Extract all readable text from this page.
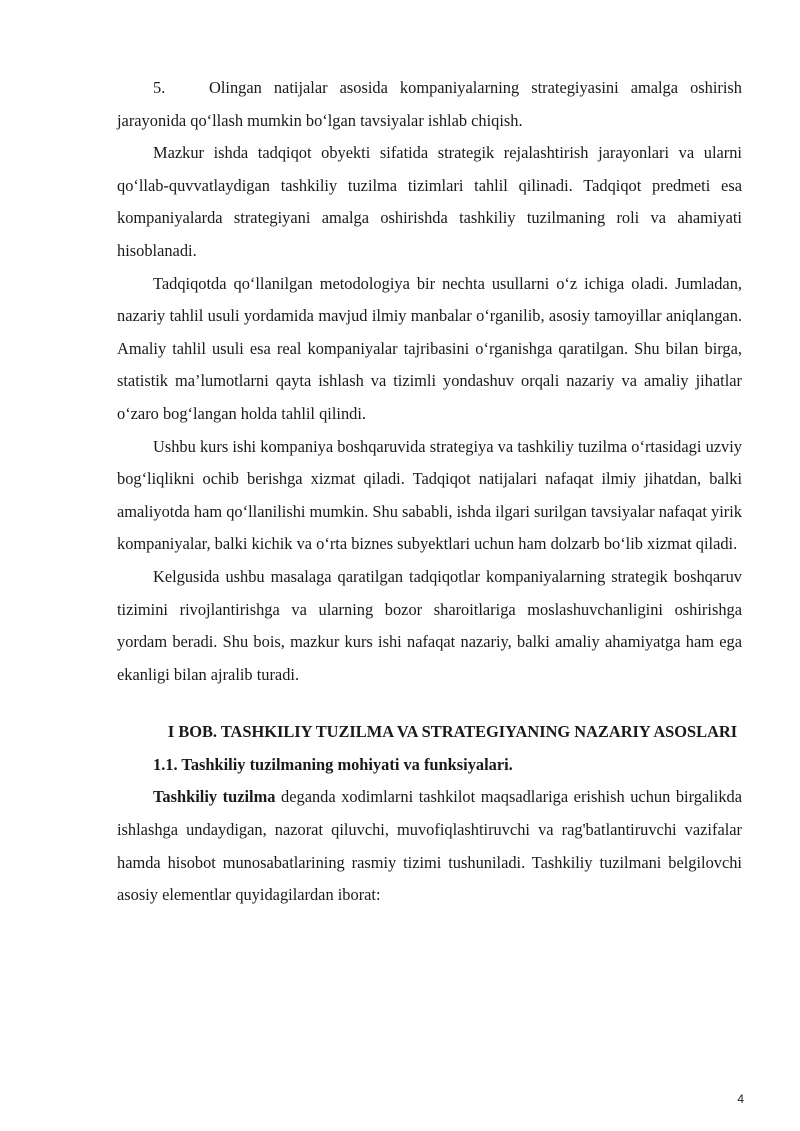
5.	Olingan natijalar asosida kompaniyalarning strategiyasini amalga oshirish jarayonida qo‘llash mumkin bo‘lgan tavsiyalar ishlab chiqish.

Mazkur ishda tadqiqot obyekti sifatida strategik rejalashtirish jarayonlari va ularni qo‘llab-quvvatlaydigan tashkiliy tuzilma tizimlari tahlil qilinadi. Tadqiqot predmeti esa kompaniyalarda strategiyani amalga oshirishda tashkiliy tuzilmaning roli va ahamiyati hisoblanadi.

Tadqiqotda qo‘llanilgan metodologiya bir nechta usullarni o‘z ichiga oladi. Jumladan, nazariy tahlil usuli yordamida mavjud ilmiy manbalar o‘rganilib, asosiy tamoyillar aniqlangan. Amaliy tahlil usuli esa real kompaniyalar tajribasini o‘rganishga qaratilgan. Shu bilan birga, statistik ma’lumotlarni qayta ishlash va tizimli yondashuv orqali nazariy va amaliy jihatlar o‘zaro bog‘langan holda tahlil qilindi.

Ushbu kurs ishi kompaniya boshqaruvida strategiya va tashkiliy tuzilma o‘rtasidagi uzviy bog‘liqlikni ochib berishga xizmat qiladi. Tadqiqot natijalari nafaqat ilmiy jihatdan, balki amaliyotda ham qo‘llanilishi mumkin. Shu sababli, ishda ilgari surilgan tavsiyalar nafaqat yirik kompaniyalar, balki kichik va o‘rta biznes subyektlari uchun ham dolzarb bo‘lib xizmat qiladi.

Kelgusida ushbu masalaga qaratilgan tadqiqotlar kompaniyalarning strategik boshqaruv tizimini rivojlantirishga va ularning bozor sharoitlariga moslashuvchanligini oshirishga yordam beradi. Shu bois, mazkur kurs ishi nafaqat nazariy, balki amaliy ahamiyatga ham ega ekanligi bilan ajralib turadi.

I BOB. TASHKILIY TUZILMA VA STRATEGIYANING NAZARIY ASOSLARI
1.1. Tashkiliy tuzilmaning mohiyati va funksiyalari.

Tashkiliy tuzilma deganda xodimlarni tashkilot maqsadlariga erishish uchun birgalikda ishlashga undaydigan, nazorat qiluvchi, muvofiqlashtiruvchi va rag'batlantiruvchi vazifalar hamda hisobot munosabatlarining rasmiy tizimi tushuniladi. Tashkiliy tuzilmani belgilovchi asosiy elementlar quyidagilardan iborat:

4
